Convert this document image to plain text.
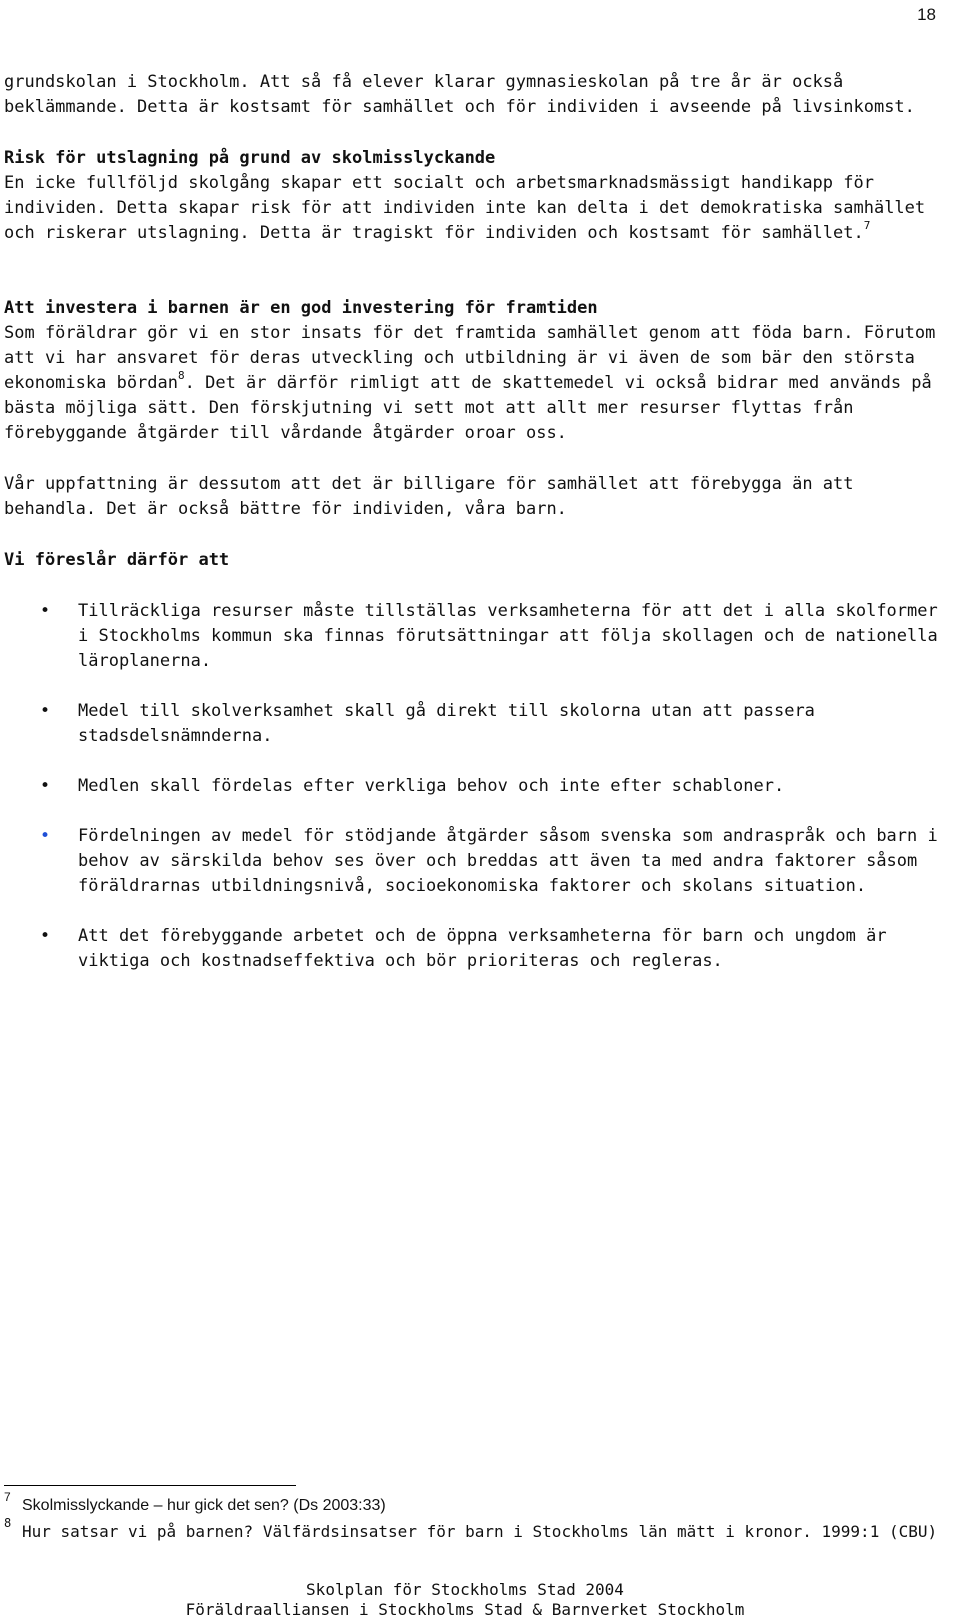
18

grundskolan i Stockholm. Att så få elever klarar gymnasieskolan på tre år är också beklämmande. Detta är kostsamt för samhället och för individen i avseende på livsinkomst.

Risk för utslagning på grund av skolmisslyckande

En icke fullföljd skolgång skapar ett socialt och arbetsmarknadsmässigt handikapp för individen. Detta skapar risk för att individen inte kan delta i det demokratiska samhället och riskerar utslagning. Detta är tragiskt för individen och kostsamt för samhället.$^7$

Att investera i barnen är en god investering för framtiden

Som föräldrar gör vi en stor insats för det framtida samhället genom att föda barn. Förutom att vi har ansvaret för deras utveckling och utbildning är vi även de som bär den största ekonomiska bördan$^8$. Det är därför rimligt att de skattemedel vi också bidrar med används på bästa möjliga sätt. Den förskjutning vi sett mot att allt mer resurser flyttas från förebyggande åtgärder till vårdande åtgärder oroar oss.

Vår uppfattning är dessutom att det är billigare för samhället att förebygga än att behandla. Det är också bättre för individen, våra barn.

Vi föreslår därför att
• Tillräckliga resurser måste tillställas verksamheterna för att det i alla skolformer i Stockholms kommun ska finnas förutsättningar att följa skollagen och de nationella läroplanerna.
• Medel till skolverksamhet skall gå direkt till skolorna utan att passera stadsdelsnämnderna.
• Medlen skall fördelas efter verkliga behov och inte efter schabloner.
• Fördelningen av medel för stödjande åtgärder såsom svenska som andraspråk och barn i behov av särskilda behov ses över och breddas att även ta med andra faktorer såsom föräldrarnas utbildningsnivå, socioekonomiska faktorer och skolans situation.
• Att det förebyggande arbetet och de öppna verksamheterna för barn och ungdom är viktiga och kostnadseffektiva och bör prioriteras och regleras.
7 Skolmisslyckande – hur gick det sen? (Ds 2003:33)
8 Hur satsar vi på barnen? Välfärdsinsatser för barn i Stockholms län mätt i kronor. 1999:1 (CBU)
Skolplan för Stockholms Stad 2004
Föräldraalliansen i Stockholms Stad & Barnverket Stockholm
